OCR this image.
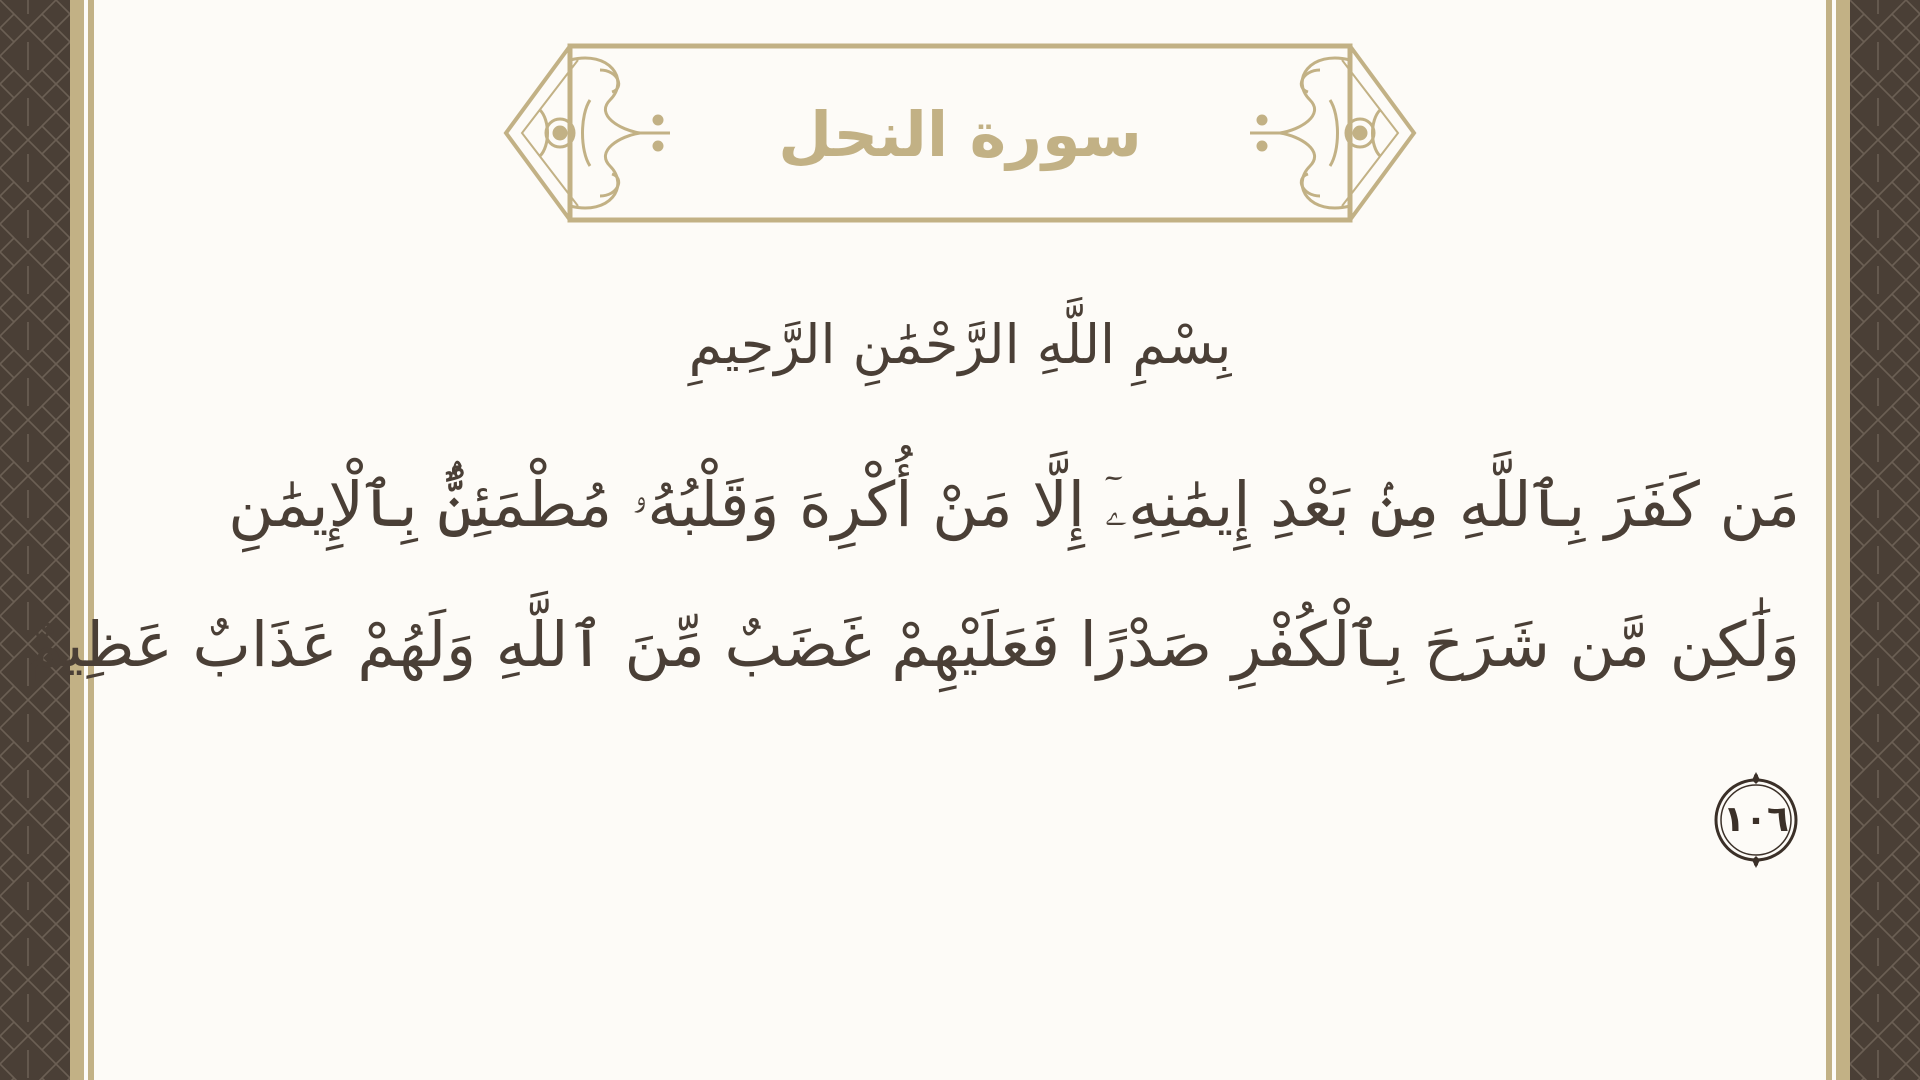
سورة النحل
بِسْمِ اللَّهِ الرَّحْمَٰنِ الرَّحِيمِ
مَن كَفَرَ بِٱللَّهِ مِنۢ بَعْدِ إِيمَٰنِهِۦٓ إِلَّا مَنْ أُكْرِهَ وَقَلْبُهُۥ مُطْمَئِنٌّۢ بِٱلْإِيمَٰنِ
وَلَٰكِن مَّن شَرَحَ بِٱلْكُفْرِ صَدْرًا فَعَلَيْهِمْ غَضَبٌ مِّنَ ٱللَّهِ وَلَهُمْ عَذَابٌ عَظِيمٌ
١٠٦
